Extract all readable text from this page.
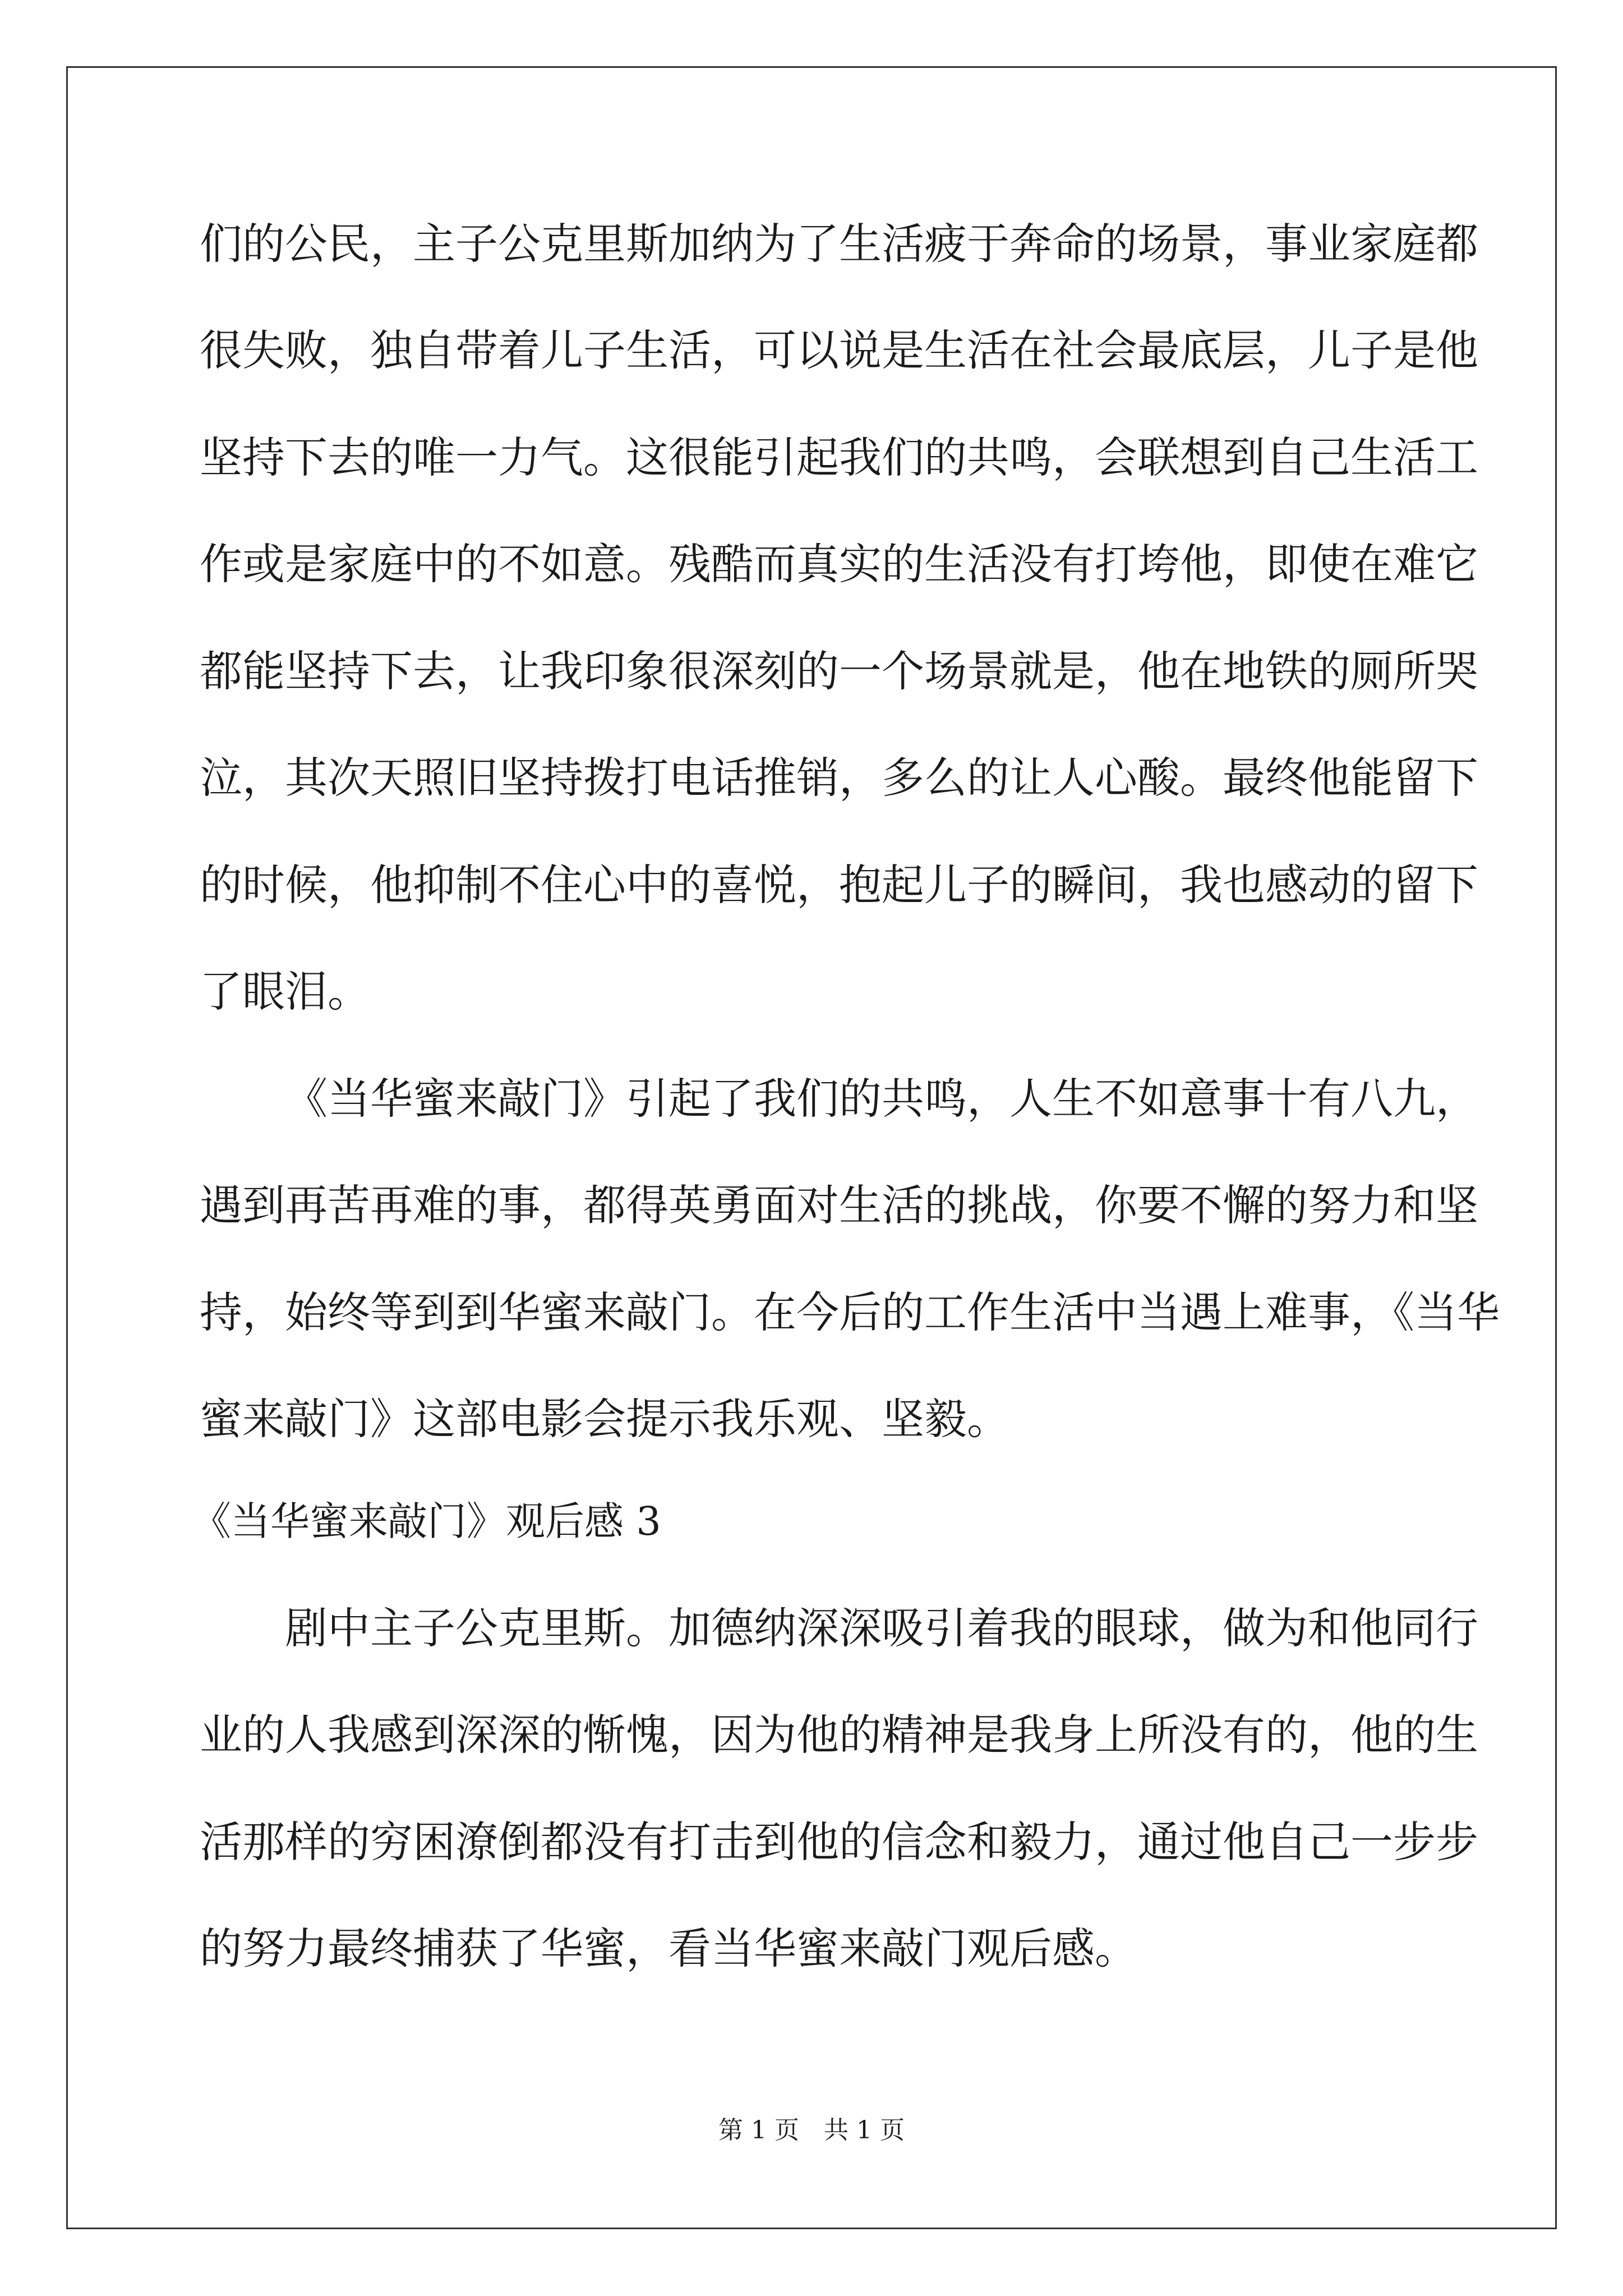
们的公民，主子公克里斯加纳为了生活疲于奔命的场景，事业家庭都
很失败，独自带着儿子生活，可以说是生活在社会最底层，儿子是他
坚持下去的唯一力气。这很能引起我们的共鸣，会联想到自己生活工
作或是家庭中的不如意。残酷而真实的生活没有打垮他，即使在难它
都能坚持下去，让我印象很深刻的一个场景就是，他在地铁的厕所哭
泣，其次天照旧坚持拨打电话推销，多么的让人心酸。最终他能留下
的时候，他抑制不住心中的喜悦，抱起儿子的瞬间，我也感动的留下
了眼泪。
《当华蜜来敲门》引起了我们的共鸣，人生不如意事十有八九，
遇到再苦再难的事，都得英勇面对生活的挑战，你要不懈的努力和坚
持，始终等到到华蜜来敲门。在今后的工作生活中当遇上难事，《当华
蜜来敲门》这部电影会提示我乐观、坚毅。
《当华蜜来敲门》观后感 3
剧中主子公克里斯。加德纳深深吸引着我的眼球，做为和他同行
业的人我感到深深的惭愧，因为他的精神是我身上所没有的，他的生
活那样的穷困潦倒都没有打击到他的信念和毅力，通过他自己一步步
的努力最终捕获了华蜜，看当华蜜来敲门观后感。
第 1 页　共 1 页
